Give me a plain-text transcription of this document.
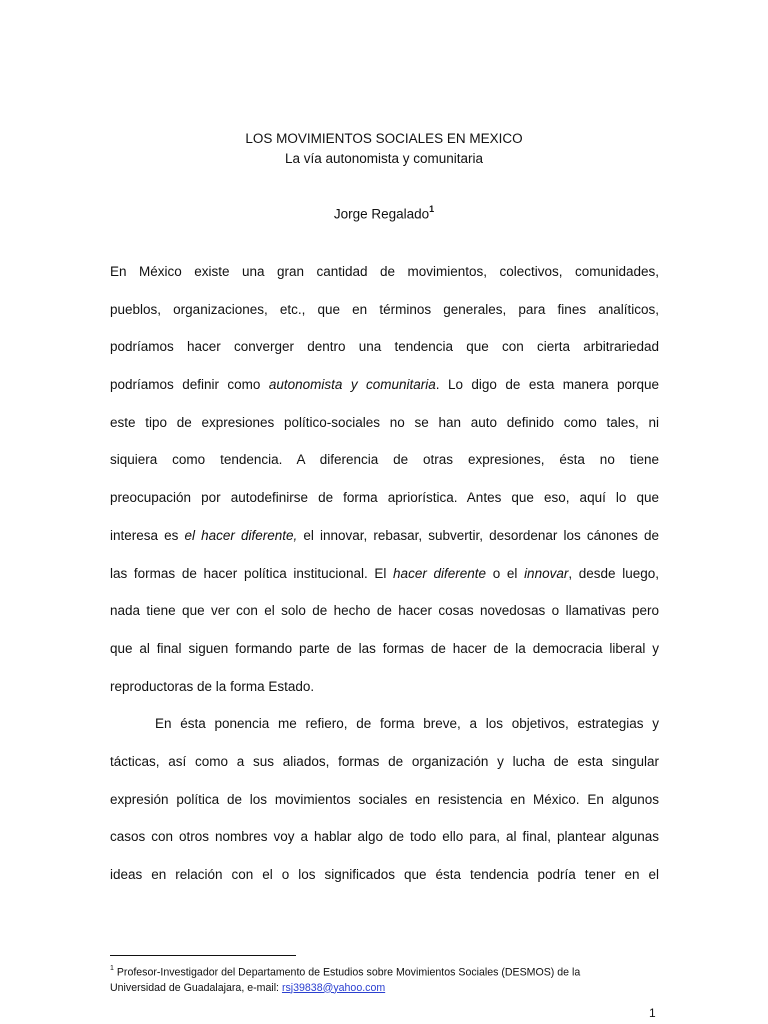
LOS MOVIMIENTOS SOCIALES EN MEXICO
La vía autonomista y comunitaria
Jorge Regalado$^1$
En México existe una gran cantidad de movimientos, colectivos, comunidades,
pueblos, organizaciones, etc., que en términos generales, para fines analíticos,
podríamos hacer converger dentro una tendencia que con cierta arbitrariedad
podríamos definir como autonomista y comunitaria. Lo digo de esta manera porque
este tipo de expresiones político-sociales no se han auto definido como tales, ni
siquiera como tendencia. A diferencia de otras expresiones, ésta no tiene
preocupación por autodefinirse de forma apriorística. Antes que eso, aquí lo que
interesa es el hacer diferente, el innovar, rebasar, subvertir, desordenar los cánones de
las formas de hacer política institucional. El hacer diferente o el innovar, desde luego,
nada tiene que ver con el solo de hecho de hacer cosas novedosas o llamativas pero
que al final siguen formando parte de las formas de hacer de la democracia liberal y
reproductoras de la forma Estado.
En ésta ponencia me refiero, de forma breve, a los objetivos, estrategias y
tácticas, así como a sus aliados, formas de organización y lucha de esta singular
expresión política de los movimientos sociales en resistencia en México. En algunos
casos con otros nombres voy a hablar algo de todo ello para, al final, plantear algunas
ideas en relación con el o los significados que ésta tendencia podría tener en el
$^1$ Profesor-Investigador del Departamento de Estudios sobre Movimientos Sociales (DESMOS) de la
Universidad de Guadalajara, e-mail: rsj39838@yahoo.com
1
